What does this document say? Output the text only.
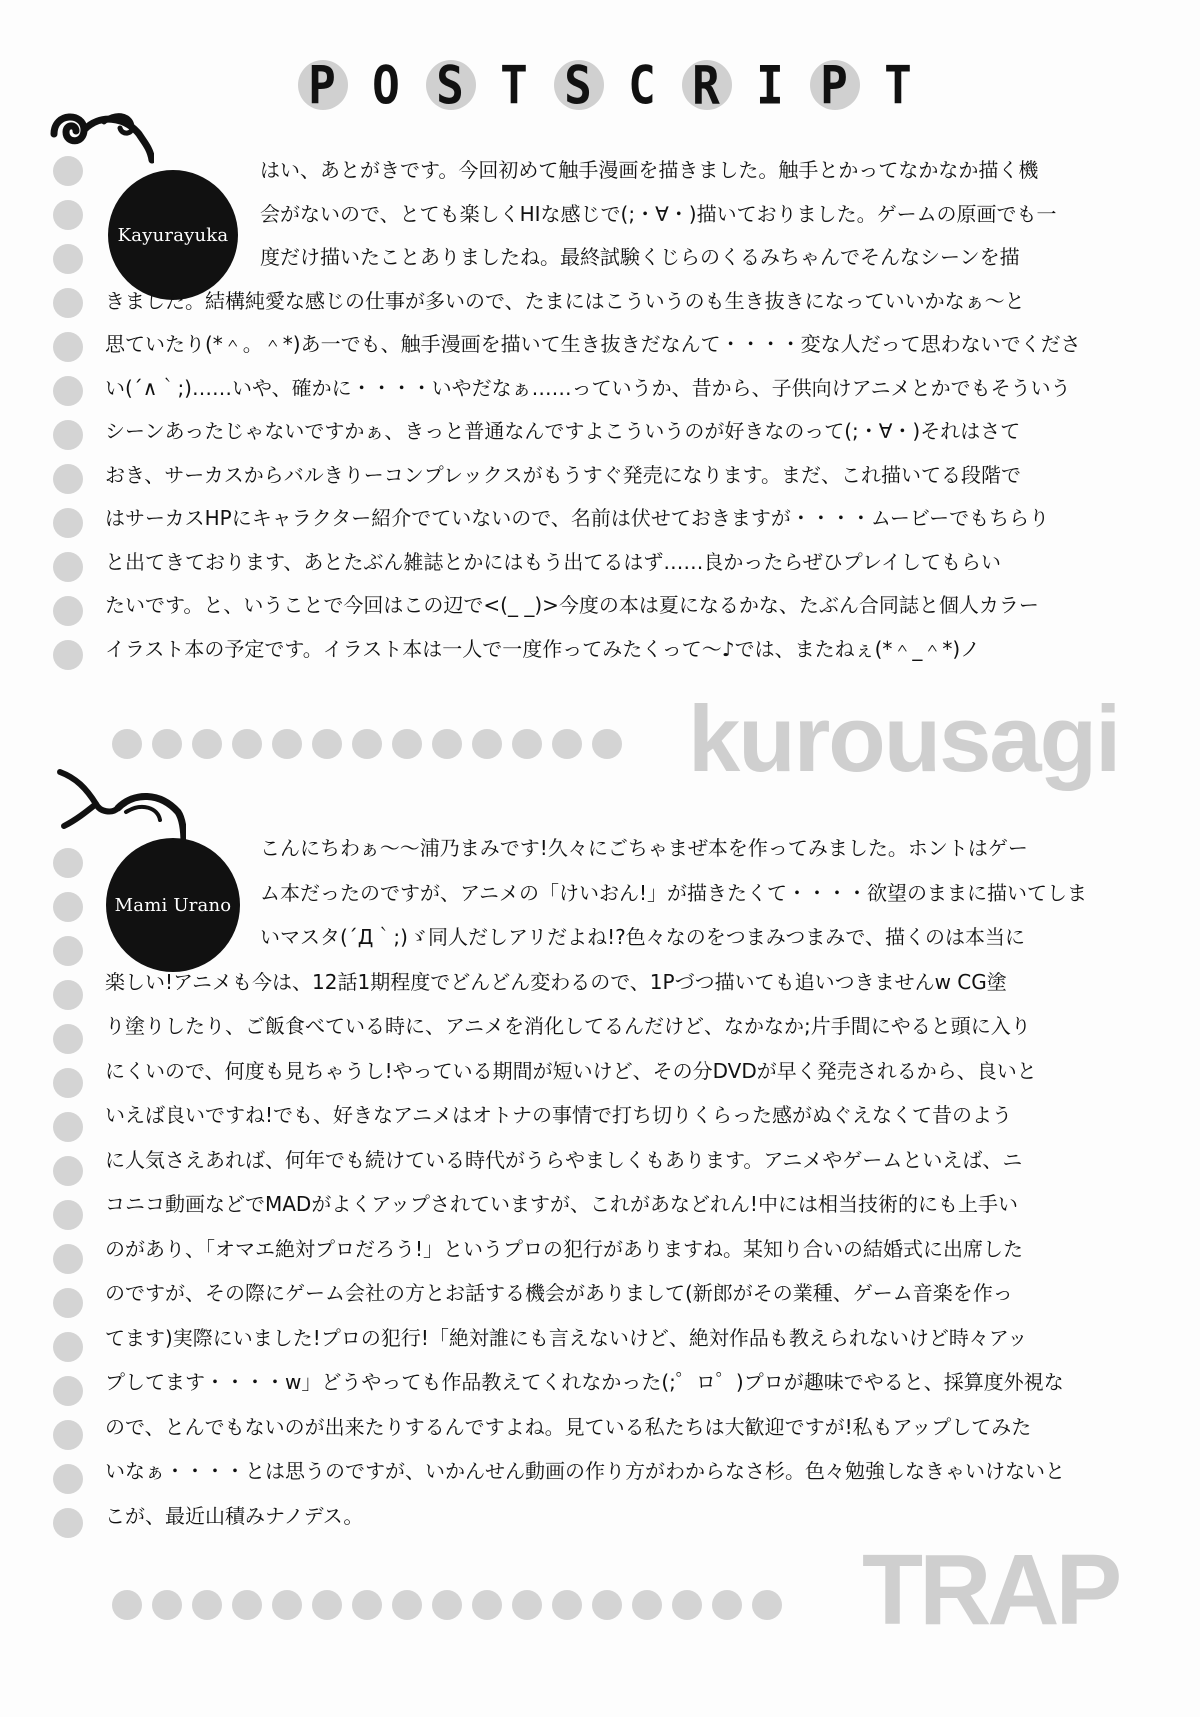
P O S T S C R I P T
Kayurayuka
Mami Urano
はい、あとがきです。今回初めて触手漫画を描きました。触手とかってなかなか描く機
会がないので、とても楽しくHIな感じで(;・∀・)描いておりました。ゲームの原画でも一
度だけ描いたことありましたね。最終試験くじらのくるみちゃんでそんなシーンを描
きました。結構純愛な感じの仕事が多いので、たまにはこういうのも生き抜きになっていいかなぁ～と
思ていたり(*＾。＾*)あ一でも、触手漫画を描いて生き抜きだなんて・・・・変な人だって思わないでくださ
い(´∧｀;)……いや、確かに・・・・いやだなぁ……っていうか、昔から、子供向けアニメとかでもそういう
シーンあったじゃないですかぁ、きっと普通なんですよこういうのが好きなのって(;・∀・)それはさて
おき、サーカスからバルきりーコンプレックスがもうすぐ発売になります。まだ、これ描いてる段階で
はサーカスHPにキャラクター紹介でていないので、名前は伏せておきますが・・・・ムービーでもちらり
と出てきております、あとたぶん雑誌とかにはもう出てるはず……良かったらぜひプレイしてもらい
たいです。と、いうことで今回はこの辺で<(_ _)>今度の本は夏になるかな、たぶん合同誌と個人カラー
イラスト本の予定です。イラスト本は一人で一度作ってみたくって～♪では、またねぇ(*＾_＾*)ノ
kurousagi
こんにちわぁ～～浦乃まみです!久々にごちゃまぜ本を作ってみました。ホントはゲー
ム本だったのですが、アニメの「けいおん!」が描きたくて・・・・欲望のままに描いてしま
いマスタ(´Д｀;)ゞ同人だしアリだよね!?色々なのをつまみつまみで、描くのは本当に
楽しい!アニメも今は、12話1期程度でどんどん変わるので、1Pづつ描いても追いつきませんw CG塗
り塗りしたり、ご飯食べている時に、アニメを消化してるんだけど、なかなか;片手間にやると頭に入り
にくいので、何度も見ちゃうし!やっている期間が短いけど、その分DVDが早く発売されるから、良いと
いえば良いですね!でも、好きなアニメはオトナの事情で打ち切りくらった感がぬぐえなくて昔のよう
に人気さえあれば、何年でも続けている時代がうらやましくもあります。アニメやゲームといえば、ニ
コニコ動画などでMADがよくアップされていますが、これがあなどれん!中には相当技術的にも上手い
のがあり、「オマエ絶対プロだろう!」というプロの犯行がありますね。某知り合いの結婚式に出席した
のですが、その際にゲーム会社の方とお話する機会がありまして(新郎がその業種、ゲーム音楽を作っ
てます)実際にいました!プロの犯行!「絶対誰にも言えないけど、絶対作品も教えられないけど時々アッ
プしてます・・・・w」どうやっても作品教えてくれなかった(;゜ロ゜)プロが趣味でやると、採算度外視な
ので、とんでもないのが出来たりするんですよね。見ている私たちは大歓迎ですが!私もアップしてみた
いなぁ・・・・とは思うのですが、いかんせん動画の作り方がわからなさ杉。色々勉強しなきゃいけないと
こが、最近山積みナノデス。
TRAP
